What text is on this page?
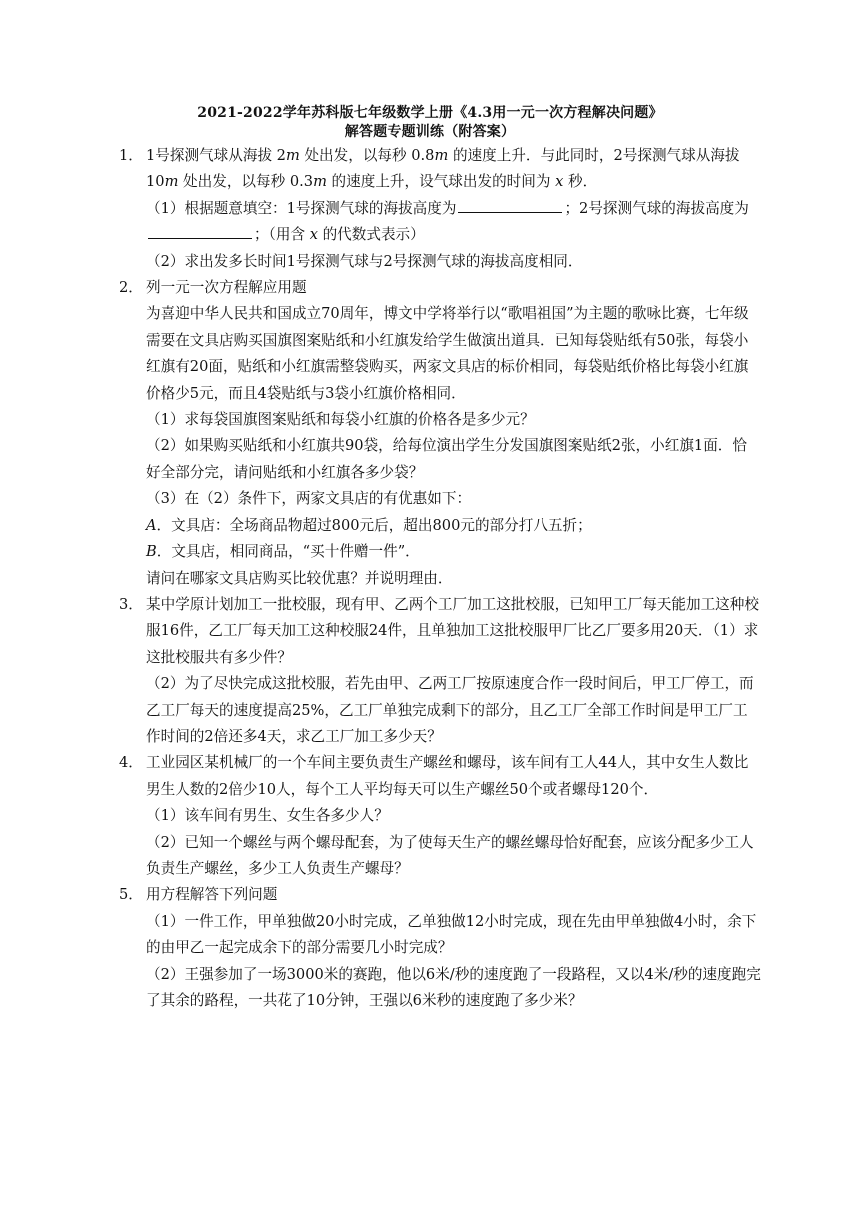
2021-2022学年苏科版七年级数学上册《4.3用一元一次方程解决问题》
解答题专题训练（附答案）
1． 1号探测气球从海拔 2m 处出发，以每秒 0.8m 的速度上升．与此同时，2号探测气球从海拔 10m 处出发，以每秒 0.3m 的速度上升，设气球出发的时间为 x 秒．
（1）根据题意填空：1号探测气球的海拔高度为	；2号探测气球的海拔高度为；（用含 x 的代数式表示）
（2）求出发多长时间1号探测气球与2号探测气球的海拔高度相同．
2． 列一元一次方程解应用题
为喜迎中华人民共和国成立70周年，博文中学将举行以“歌唱祖国”为主题的歌咏比赛，七年级需要在文具店购买国旗图案贴纸和小红旗发给学生做演出道具．已知每袋贴纸有50张，每袋小红旗有20面，贴纸和小红旗需整袋购买，两家文具店的标价相同，每袋贴纸价格比每袋小红旗价格少5元，而且4袋贴纸与3袋小红旗价格相同．
（1）求每袋国旗图案贴纸和每袋小红旗的价格各是多少元？
（2）如果购买贴纸和小红旗共90袋，给每位演出学生分发国旗图案贴纸2张，小红旗1面．恰好全部分完，请问贴纸和小红旗各多少袋？
（3）在（2）条件下，两家文具店的有优惠如下：
A．文具店：全场商品物超过800元后，超出800元的部分打八五折；
B．文具店，相同商品，“买十件赠一件”．
请问在哪家文具店购买比较优惠？并说明理由．
3． 某中学原计划加工一批校服，现有甲、乙两个工厂加工这批校服，已知甲工厂每天能加工这种校服16件，乙工厂每天加工这种校服24件，且单独加工这批校服甲厂比乙厂要多用20天．（1）求这批校服共有多少件？
（2）为了尽快完成这批校服，若先由甲、乙两工厂按原速度合作一段时间后，甲工厂停工，而乙工厂每天的速度提高25%，乙工厂单独完成剩下的部分，且乙工厂全部工作时间是甲工厂工作时间的2倍还多4天，求乙工厂加工多少天？
4． 工业园区某机械厂的一个车间主要负责生产螺丝和螺母，该车间有工人44人，其中女生人数比男生人数的2倍少10人，每个工人平均每天可以生产螺丝50个或者螺母120个．
（1）该车间有男生、女生各多少人？
（2）已知一个螺丝与两个螺母配套，为了使每天生产的螺丝螺母恰好配套，应该分配多少工人负责生产螺丝，多少工人负责生产螺母？
5． 用方程解答下列问题
（1）一件工作，甲单独做20小时完成，乙单独做12小时完成，现在先由甲单独做4小时，余下的由甲乙一起完成余下的部分需要几小时完成？
（2）王强参加了一场3000米的赛跑，他以6米/秒的速度跑了一段路程，又以4米/秒的速度跑完了其余的路程，一共花了10分钟，王强以6米秒的速度跑了多少米？
